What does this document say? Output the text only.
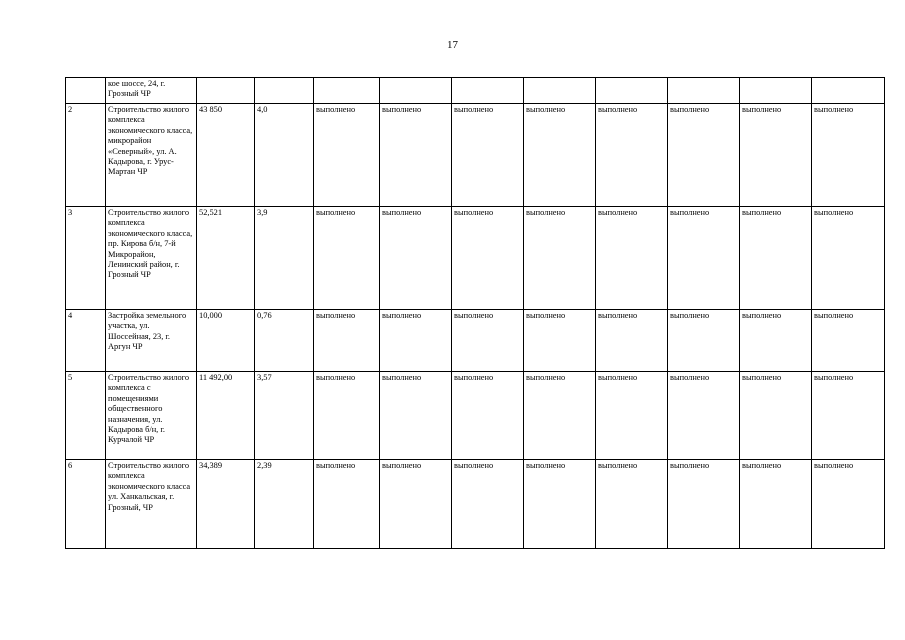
17
	кое шоссе, 24, г. Грозный ЧР										
2	Строительство жилого комплекса экономического класса, микрорайон «Северный», ул. А. Кадырова, г. Урус-Мартан ЧР	43 850	4,0	выполнено	выполнено	выполнено	выполнено	выполнено	выполнено	выполнено	выполнено
3	Строительство жилого комплекса экономического класса, пр. Кирова б/н, 7-й Микрорайон, Ленинский район, г. Грозный ЧР	52,521	3,9	выполнено	выполнено	выполнено	выполнено	выполнено	выполнено	выполнено	выполнено
4	Застройка земельного участка, ул. Шоссейная, 23, г. Аргун ЧР	10,000	0,76	выполнено	выполнено	выполнено	выполнено	выполнено	выполнено	выполнено	выполнено
5	Строительство жилого комплекса с помещениями общественного назначения, ул. Кадырова б/н, г. Курчалой ЧР	11 492,00	3,57	выполнено	выполнено	выполнено	выполнено	выполнено	выполнено	выполнено	выполнено
6	Строительство жилого комплекса экономического класса ул. Ханкальская, г. Грозный, ЧР	34,389	2,39	выполнено	выполнено	выполнено	выполнено	выполнено	выполнено	выполнено	выполнено
